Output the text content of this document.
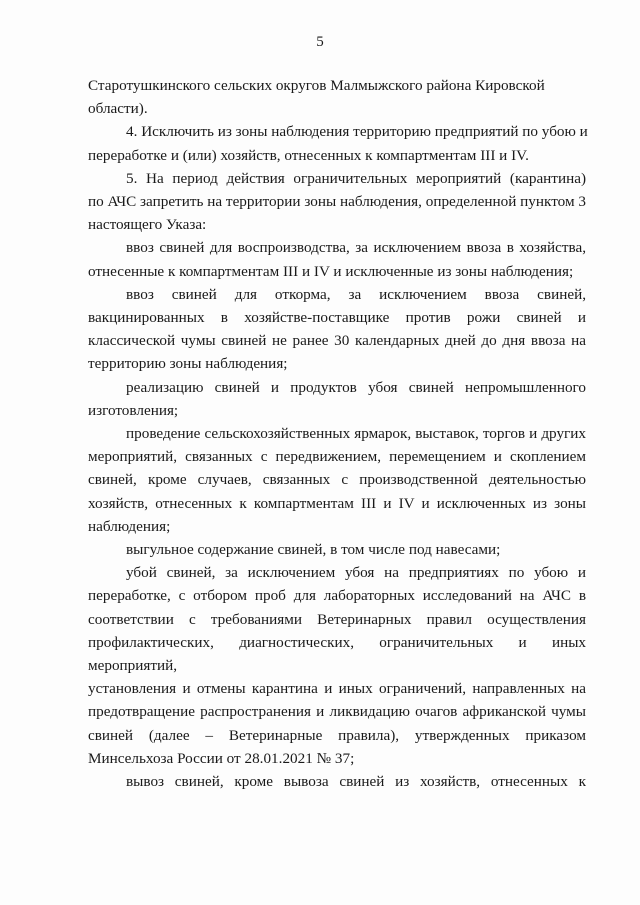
5
Старотушкинского сельских округов Малмыжского района Кировской
области).
4. Исключить из зоны наблюдения территорию предприятий по убою и
переработке и (или) хозяйств, отнесенных к компартментам III и IV.
5. На период действия ограничительных мероприятий (карантина)
по АЧС запретить на территории зоны наблюдения, определенной пунктом 3
настоящего Указа:
ввоз свиней для воспроизводства, за исключением ввоза в хозяйства,
отнесенные к компартментам III и IV и исключенные из зоны наблюдения;
ввоз свиней для откорма, за исключением ввоза свиней,
вакцинированных в хозяйстве-поставщике против рожи свиней и
классической чумы свиней не ранее 30 календарных дней до дня ввоза на
территорию зоны наблюдения;
реализацию свиней и продуктов убоя свиней непромышленного
изготовления;
проведение сельскохозяйственных ярмарок, выставок, торгов и других
мероприятий, связанных с передвижением, перемещением и скоплением
свиней, кроме случаев, связанных с производственной деятельностью
хозяйств, отнесенных к компартментам III и IV и исключенных из зоны
наблюдения;
выгульное содержание свиней, в том числе под навесами;
убой свиней, за исключением убоя на предприятиях по убою и
переработке, с отбором проб для лабораторных исследований на АЧС в
соответствии с требованиями Ветеринарных правил осуществления
профилактических, диагностических, ограничительных и иных мероприятий,
установления и отмены карантина и иных ограничений, направленных на
предотвращение распространения и ликвидацию очагов африканской чумы
свиней (далее – Ветеринарные правила), утвержденных приказом
Минсельхоза России от 28.01.2021 № 37;
вывоз свиней, кроме вывоза свиней из хозяйств, отнесенных к
